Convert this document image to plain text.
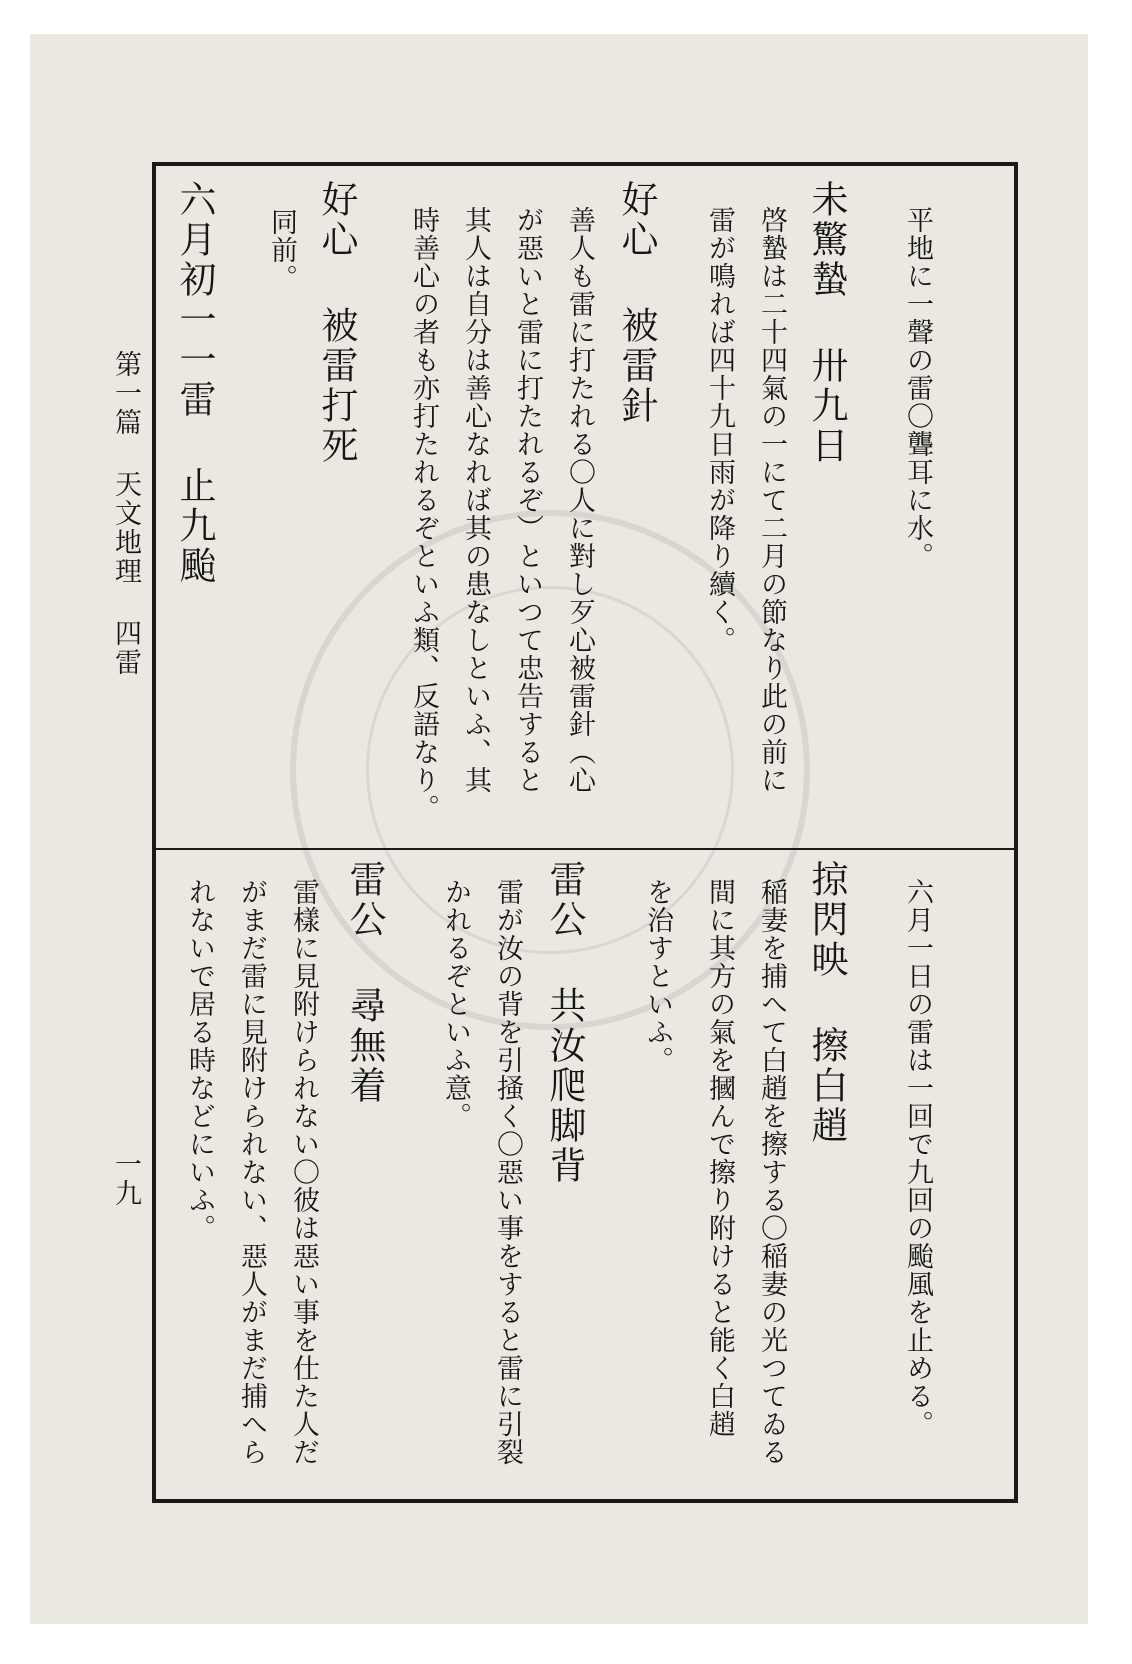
平地に一聲の雷〇聾耳に水。
未驚蟄 卅九日
啓蟄は二十四氣の一にて二月の節なり此の前に
雷が鳴れば四十九日雨が降り續く。
好心 被雷針
善人も雷に打たれる〇人に對し歹心被雷針（心
が惡いと雷に打たれるぞ）といつて忠告すると
其人は自分は善心なれば其の患なしといふ、其
時善心の者も亦打たれるぞといふ類、反語なり。
好心 被雷打死
同前。
六月初一一雷 止九颱
六月一日の雷は一回で九回の颱風を止める。
掠閃映 擦白趙
稲妻を捕へて白趙を擦する〇稲妻の光つてゐる
間に其方の氣を摑んで擦り附けると能く白趙
を治すといふ。
雷公 共汝爬脚背
雷が汝の背を引掻く〇惡い事をすると雷に引裂
かれるぞといふ意。
雷公 尋無着
雷樣に見附けられない〇彼は惡い事を仕た人だ
がまだ雷に見附けられない、惡人がまだ捕へら
れないで居る時などにいふ。
第一篇 天文地理 四雷
一九
